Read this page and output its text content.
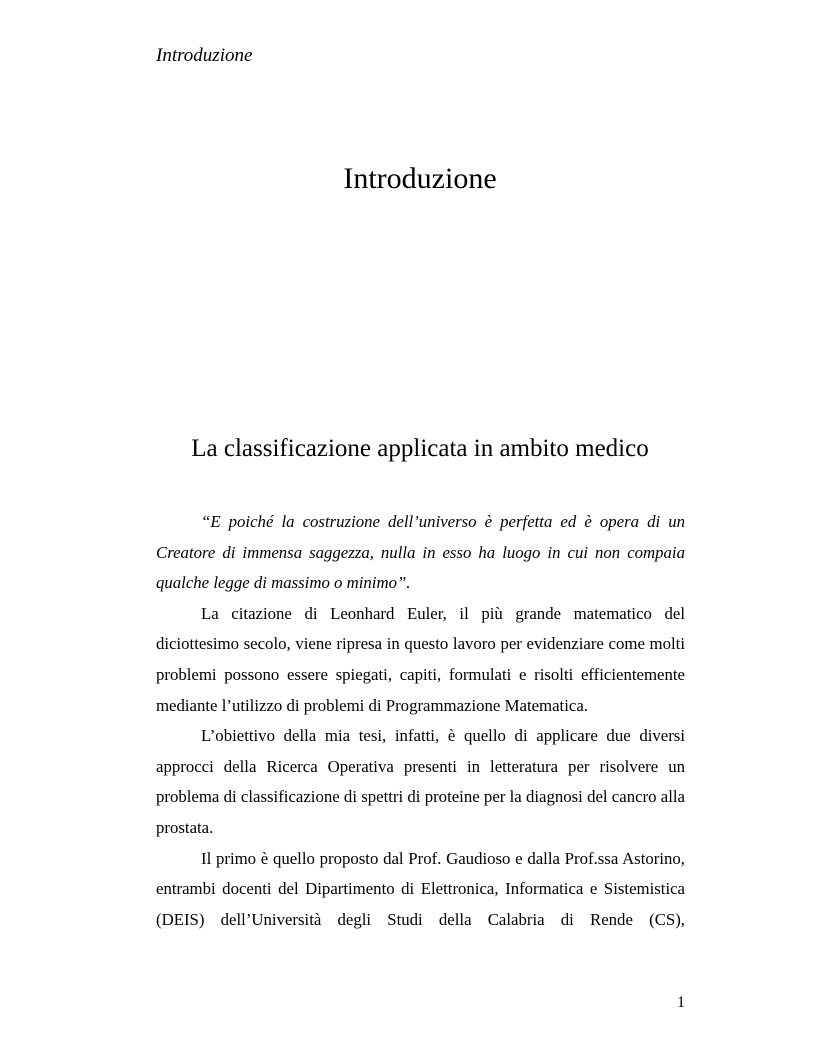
Introduzione
Introduzione
La classificazione applicata in ambito medico

“E poiché la costruzione dell’universo è perfetta ed è opera di un Creatore di immensa saggezza, nulla in esso ha luogo in cui non compaia qualche legge di massimo o minimo”.

La citazione di Leonhard Euler, il più grande matematico del diciottesimo secolo, viene ripresa in questo lavoro per evidenziare come molti problemi possono essere spiegati, capiti, formulati e risolti efficientemente mediante l’utilizzo di problemi di Programmazione Matematica.

L’obiettivo della mia tesi, infatti, è quello di applicare due diversi approcci della Ricerca Operativa presenti in letteratura per risolvere un problema di classificazione di spettri di proteine per la diagnosi del cancro alla prostata.

Il primo è quello proposto dal Prof. Gaudioso e dalla Prof.ssa Astorino, entrambi docenti del Dipartimento di Elettronica, Informatica e Sistemistica (DEIS) dell’Università degli Studi della Calabria di Rende (CS),

1
